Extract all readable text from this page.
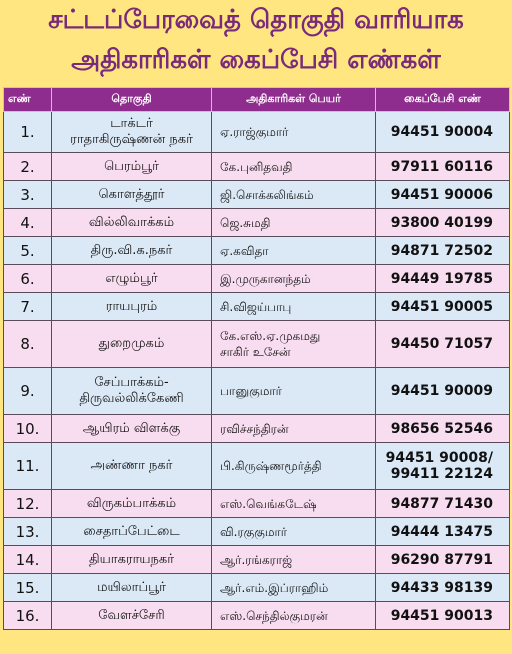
சட்டப்பேரவைத் தொகுதி வாரியாக
அதிகாரிகள் கைப்பேசி எண்கள்
எண்	தொகுதி	அதிகாரிகள் பெயர்	கைப்பேசி எண்
1.	டாக்டர்
ராதாகிருஷ்ணன் நகர்	ஏ.ராஜ்குமார்	94451 90004

2.	பெரம்பூர்	கே.புனிதவதி	97911 60116

3.	கொளத்தூர்	ஜி.சொக்கலிங்கம்	94451 90006

4.	வில்லிவாக்கம்	ஜெ.சுமதி	93800 40199

5.	திரு.வி.க.நகர்	ஏ.கவிதா	94871 72502

6.	எழும்பூர்	இ.முருகானந்தம்	94449 19785

7.	ராயபுரம்	சி.விஜய்பாபு	94451 90005

8.	துறைமுகம்	கே.எஸ்.ஏ.முகமது
சாகிர் உசேன்	94450 71057

9.	சேப்பாக்கம்-
திருவல்லிக்கேணி	பானுகுமார்	94451 90009

10.	ஆயிரம் விளக்கு	ரவிச்சந்திரன்	98656 52546

11.	அண்ணா நகர்	பி.கிருஷ்ணமூர்த்தி	94451 90008/
99411 22124

12.	விருகம்பாக்கம்	எஸ்.வெங்கடேஷ்	94877 71430

13.	சைதாப்பேட்டை	வி.ரகுகுமார்	94444 13475

14.	தியாகராயநகர்	ஆர்.ரங்கராஜ்	96290 87791

15.	மயிலாப்பூர்	ஆர்.எம்.இப்ராஹிம்	94433 98139

16.	வேளச்சேரி	எஸ்.செந்தில்குமரன்	94451 90013
